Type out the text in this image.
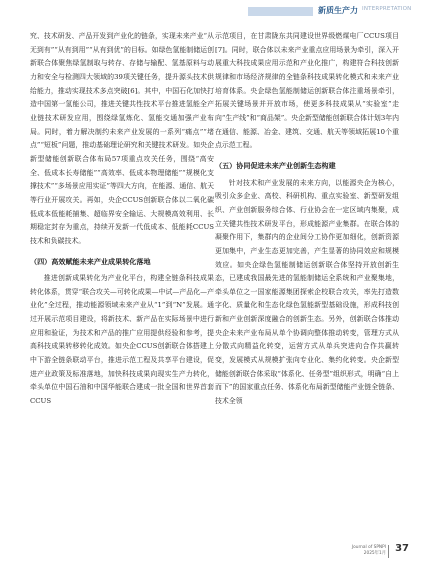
新质生产力 INTERPRETATION

究、技术研发、产品开发到产业化的链条，实现未来产业“从无到有”“从有到用”“从有到优”的目标。如绿色氢能制储运创新联合体聚焦绿氢制取与转存、存储与输配、氢基原料与动力和安全与检测四大领域的39项关键任务，提升源头技术供给能力，推动实现技术多点突破[6]。其中，中国石化加快打造中国第一氢能公司，推进关键共性技术平台推进氢能全产业链技术研发应用，围绕绿氢炼化、氢能交通加强产业布局。同时，着力解决制约未来产业发展的一系列“痛点”“堵点”“短板”问题，推动基础理论研究和关键技术研发。如央企新型储能创新联合体布局57项重点攻关任务，围绕“高安全、低成本长寿储能”“高效率、低成本物理储能”“规模化支撑技术”“多场景应用实证”等四大方向，在能源、通信、航天等行业开展攻关。再如，央企CCUS创新联合体以二氧化碳低成本低能耗捕集、超临界安全输运、大规模高效利用、长期稳定封存为重点，持续开发新一代低成本、低能耗CCUS技术和负碳技术。

（四）高效赋能未来产业成果转化落地

推进创新成果转化为产业化平台，构建全链条科技成果转化体系，贯穿“联合攻关—可转化成果—中试—产品化—产业化”全过程，推动能源领域未来产业从“1”到“N”发展。通过开展示范项目建设，将新技术、新产品在实际场景中进行应用和验证，为技术和产品的推广应用提供经验和参考，提高科技成果转移转化成效。如央企CCUS创新联合体搭建上中下游全链条联动平台，推进示范工程及共享平台建设，促进产业政策及标准落地，加快科技成果向现实生产力转化，牵头单位中国石油和中国华能联合建成一批全国和世界首套CCUS

示范项目，在甘肃陇东共同建设世界级燃煤电厂CCUS项目[7]。同时，联合体以未来产业重点应用场景为牵引，深入开展重大科技成果应用示范和产业化推广，构建符合科技创新规律和市场经济规律的全链条科技成果转化模式和未来产业培育体系。央企绿色氢能制储运创新联合体注重场景牵引，拓展关键场景并开放市场，使更多科技成果从“实验室”走向“生产线”和“商品架”。央企新型储能创新联合体计划3年内在通信、能源、冶金、建筑、交通、航天等领域拓展10个重点示范工程。

（五）协同促进未来产业创新生态构建

针对技术和产业发展的未来方向，以能源央企为核心，吸引众多企业、高校、科研机构、重点实验室、新型研发组织、产业创新服务综合体、行业协会在一定区域内集聚，成立关键共性技术研发平台，形成能源产业集群。在联合体的凝聚作用下，集群内的企业间分工协作更加细化，创新资源更加集中，产业生态更加完善，产生显著的协同效应和规模效应。如央企绿色氢能制储运创新联合体坚持开放创新生态，已建成我国最先进的氢能制储运全系统和产业聚集地，牵头单位之一国家能源集团探索企校联合攻关，率先打造数字化、质量化和生态化绿色氢能新型基础设施，形成科技创新和产业创新深度融合的创新生态。另外，创新联合体推动央企未来产业布局从单个协调向整体推动转变，管理方式从分散式向精益化转变，运营方式从单兵突进向合作共赢转变，发展模式从规模扩张向专业化、集约化转变。央企新型储能创新联合体采取“体系化、任务型”组织形式，明确“自上而下”的国家重点任务、体系化布局新型储能产业链全链条、技术全领

Journal of SPNPI
2025年1月 37
